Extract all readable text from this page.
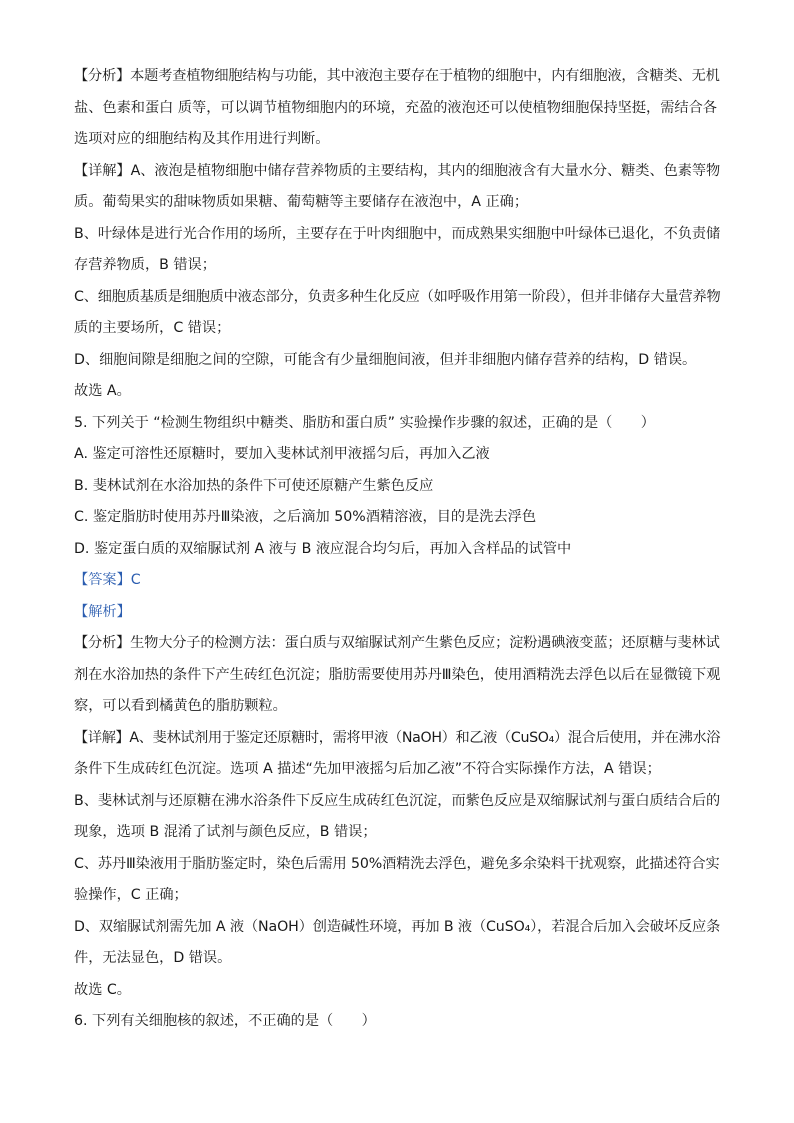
【分析】本题考查植物细胞结构与功能，其中液泡主要存在于植物的细胞中，内有细胞液，含糖类、无机
盐、色素和蛋白 质等，可以调节植物细胞内的环境，充盈的液泡还可以使植物细胞保持坚挺，需结合各
选项对应的细胞结构及其作用进行判断。
【详解】A、液泡是植物细胞中储存营养物质的主要结构，其内的细胞液含有大量水分、糖类、色素等物
质。葡萄果实的甜味物质如果糖、葡萄糖等主要储存在液泡中，A 正确；
B、叶绿体是进行光合作用的场所，主要存在于叶肉细胞中，而成熟果实细胞中叶绿体已退化，不负责储
存营养物质，B 错误；
C、细胞质基质是细胞质中液态部分，负责多种生化反应（如呼吸作用第一阶段），但并非储存大量营养物
质的主要场所，C 错误；
D、细胞间隙是细胞之间的空隙，可能含有少量细胞间液，但并非细胞内储存营养的结构，D 错误。
故选 A。
5. 下列关于 “检测生物组织中糖类、脂肪和蛋白质” 实验操作步骤的叙述，正确的是（　　）
A. 鉴定可溶性还原糖时，要加入斐林试剂甲液摇匀后，再加入乙液
B. 斐林试剂在水浴加热的条件下可使还原糖产生紫色反应
C. 鉴定脂肪时使用苏丹Ⅲ染液，之后滴加 50%酒精溶液，目的是洗去浮色
D. 鉴定蛋白质的双缩脲试剂 A 液与 B 液应混合均匀后，再加入含样品的试管中
【答案】C
【解析】
【分析】生物大分子的检测方法：蛋白质与双缩脲试剂产生紫色反应；淀粉遇碘液变蓝；还原糖与斐林试
剂在水浴加热的条件下产生砖红色沉淀；脂肪需要使用苏丹Ⅲ染色，使用酒精洗去浮色以后在显微镜下观
察，可以看到橘黄色的脂肪颗粒。
【详解】A、斐林试剂用于鉴定还原糖时，需将甲液（NaOH）和乙液（CuSO₄）混合后使用，并在沸水浴
条件下生成砖红色沉淀。选项 A 描述“先加甲液摇匀后加乙液”不符合实际操作方法，A 错误；
B、斐林试剂与还原糖在沸水浴条件下反应生成砖红色沉淀，而紫色反应是双缩脲试剂与蛋白质结合后的
现象，选项 B 混淆了试剂与颜色反应，B 错误；
C、苏丹Ⅲ染液用于脂肪鉴定时，染色后需用 50%酒精洗去浮色，避免多余染料干扰观察，此描述符合实
验操作，C 正确；
D、双缩脲试剂需先加 A 液（NaOH）创造碱性环境，再加 B 液（CuSO₄），若混合后加入会破坏反应条
件，无法显色，D 错误。
故选 C。
6. 下列有关细胞核的叙述，不正确的是（　　）
